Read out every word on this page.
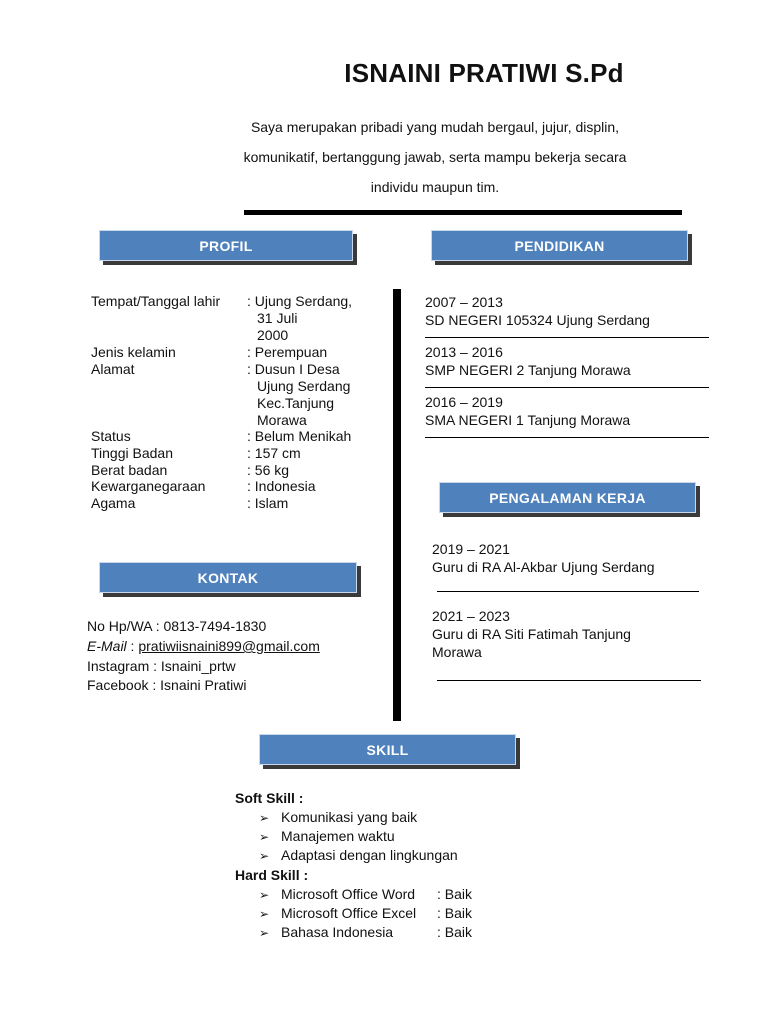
ISNAINI PRATIWI S.Pd
Saya merupakan pribadi yang mudah bergaul, jujur, displin,
komunikatif, bertanggung jawab, serta mampu bekerja secara
individu maupun tim.
PROFIL	PENDIDIKAN
PENGALAMAN KERJA
KONTAK
SKILL
Tempat/Tanggal lahir : Ujung Serdang,
31 Juli
2000
Jenis kelamin	: Perempuan
Alamat	: Dusun I Desa
Ujung Serdang
Kec.Tanjung
Morawa
Status	: Belum Menikah
Tinggi Badan	: 157 cm
Berat badan	: 56 kg
Kewarganegaraan	: Indonesia
Agama	: Islam
2007 – 2013
SD NEGERI 105324 Ujung Serdang
2013 – 2016
SMP NEGERI 2 Tanjung Morawa
2016 – 2019
SMA NEGERI 1 Tanjung Morawa
2019 – 2021
Guru di RA Al-Akbar Ujung Serdang
2021 – 2023
Guru di RA Siti Fatimah Tanjung
Morawa
No Hp/WA : 0813-7494-1830
E-Mail : pratiwiisnaini899@gmail.com
Instagram : Isnaini_prtw
Facebook : Isnaini Pratiwi
Soft Skill :
➢ Komunikasi yang baik
➢ Manajemen waktu
➢ Adaptasi dengan lingkungan
Hard Skill :
➢ Microsoft Office Word : Baik
➢ Microsoft Office Excel : Baik
➢ Bahasa Indonesia	: Baik
